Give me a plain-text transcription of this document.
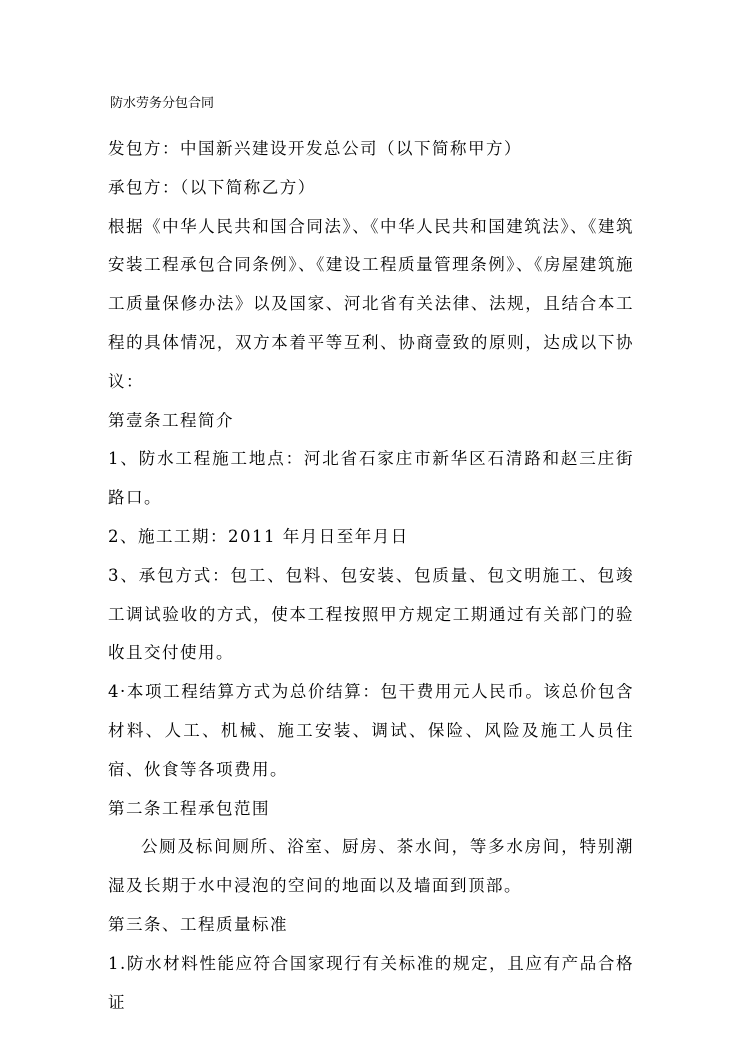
防水劳务分包合同

发包方：中国新兴建设开发总公司（以下简称甲方）

承包方：（以下简称乙方）

根据《中华人民共和国合同法》、《中华人民共和国建筑法》、《建筑安装工程承包合同条例》、《建设工程质量管理条例》、《房屋建筑施工质量保修办法》以及国家、河北省有关法律、法规，且结合本工程的具体情况，双方本着平等互利、协商壹致的原则，达成以下协议：

第壹条工程简介

1、防水工程施工地点：河北省石家庄市新华区石清路和赵三庄街路口。

2、施工工期：2011 年月日至年月日

3、承包方式：包工、包料、包安装、包质量、包文明施工、包竣工调试验收的方式，使本工程按照甲方规定工期通过有关部门的验收且交付使用。

4·本项工程结算方式为总价结算：包干费用元人民币。该总价包含材料、人工、机械、施工安装、调试、保险、风险及施工人员住宿、伙食等各项费用。

第二条工程承包范围

公厕及标间厕所、浴室、厨房、茶水间，等多水房间，特别潮湿及长期于水中浸泡的空间的地面以及墙面到顶部。

第三条、工程质量标准

1.防水材料性能应符合国家现行有关标准的规定，且应有产品合格证
